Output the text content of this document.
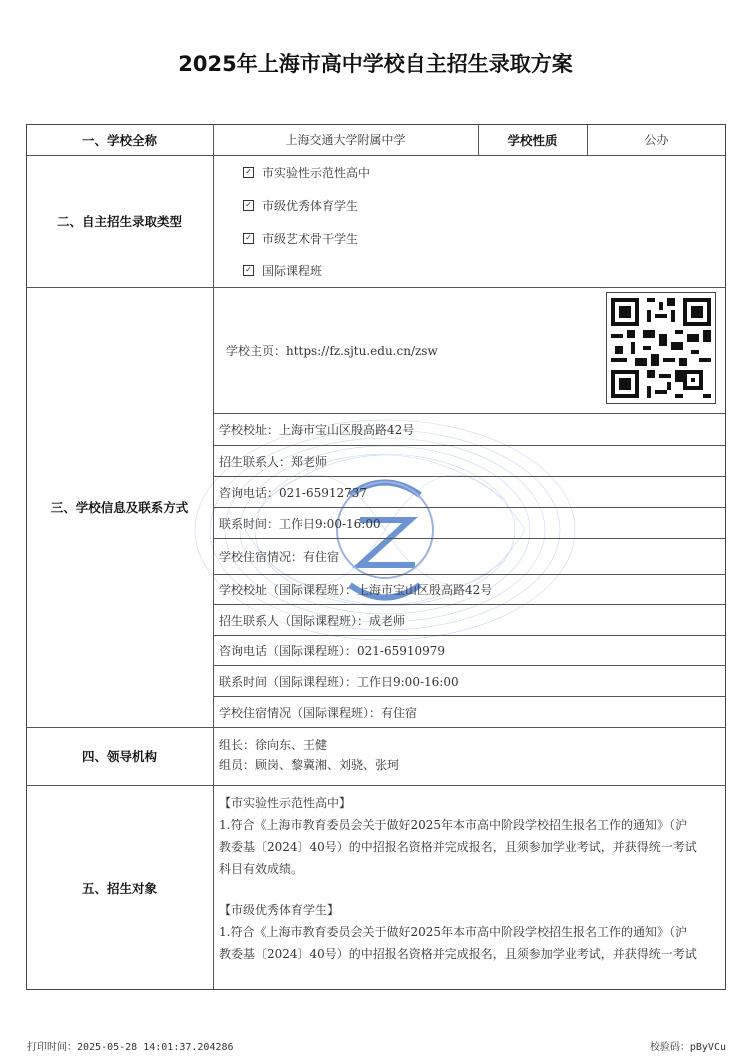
2025年上海市高中学校自主招生录取方案
一、学校全称	上海交通大学附属中学	学校性质	公办
二、自主招生录取类型
✓ 市实验性示范性高中
✓ 市级优秀体育学生
✓ 市级艺术骨干学生
✓ 国际课程班
三、学校信息及联系方式
学校主页：https://fz.sjtu.edu.cn/zsw
学校校址：上海市宝山区殷高路42号
招生联系人：郑老师
咨询电话：021-65912737
联系时间：工作日9:00-16:00
学校住宿情况：有住宿
学校校址（国际课程班）：上海市宝山区殷高路42号
招生联系人（国际课程班）：成老师
咨询电话（国际课程班）：021-65910979
联系时间（国际课程班）：工作日9:00-16:00
学校住宿情况（国际课程班）：有住宿
四、领导机构
组长：徐向东、王健
组员：顾岗、黎冀湘、刘骁、张珂
五、招生对象
【市实验性示范性高中】
1.符合《上海市教育委员会关于做好2025年本市高中阶段学校招生报名工作的通知》（沪
教委基〔2024〕40号）的中招报名资格并完成报名，且须参加学业考试，并获得统一考试
科目有效成绩。
【市级优秀体育学生】
1.符合《上海市教育委员会关于做好2025年本市高中阶段学校招生报名工作的通知》（沪
教委基〔2024〕40号）的中招报名资格并完成报名，且须参加学业考试，并获得统一考试
打印时间：2025-05-28 14:01:37.204286	校验码：pByVCu
